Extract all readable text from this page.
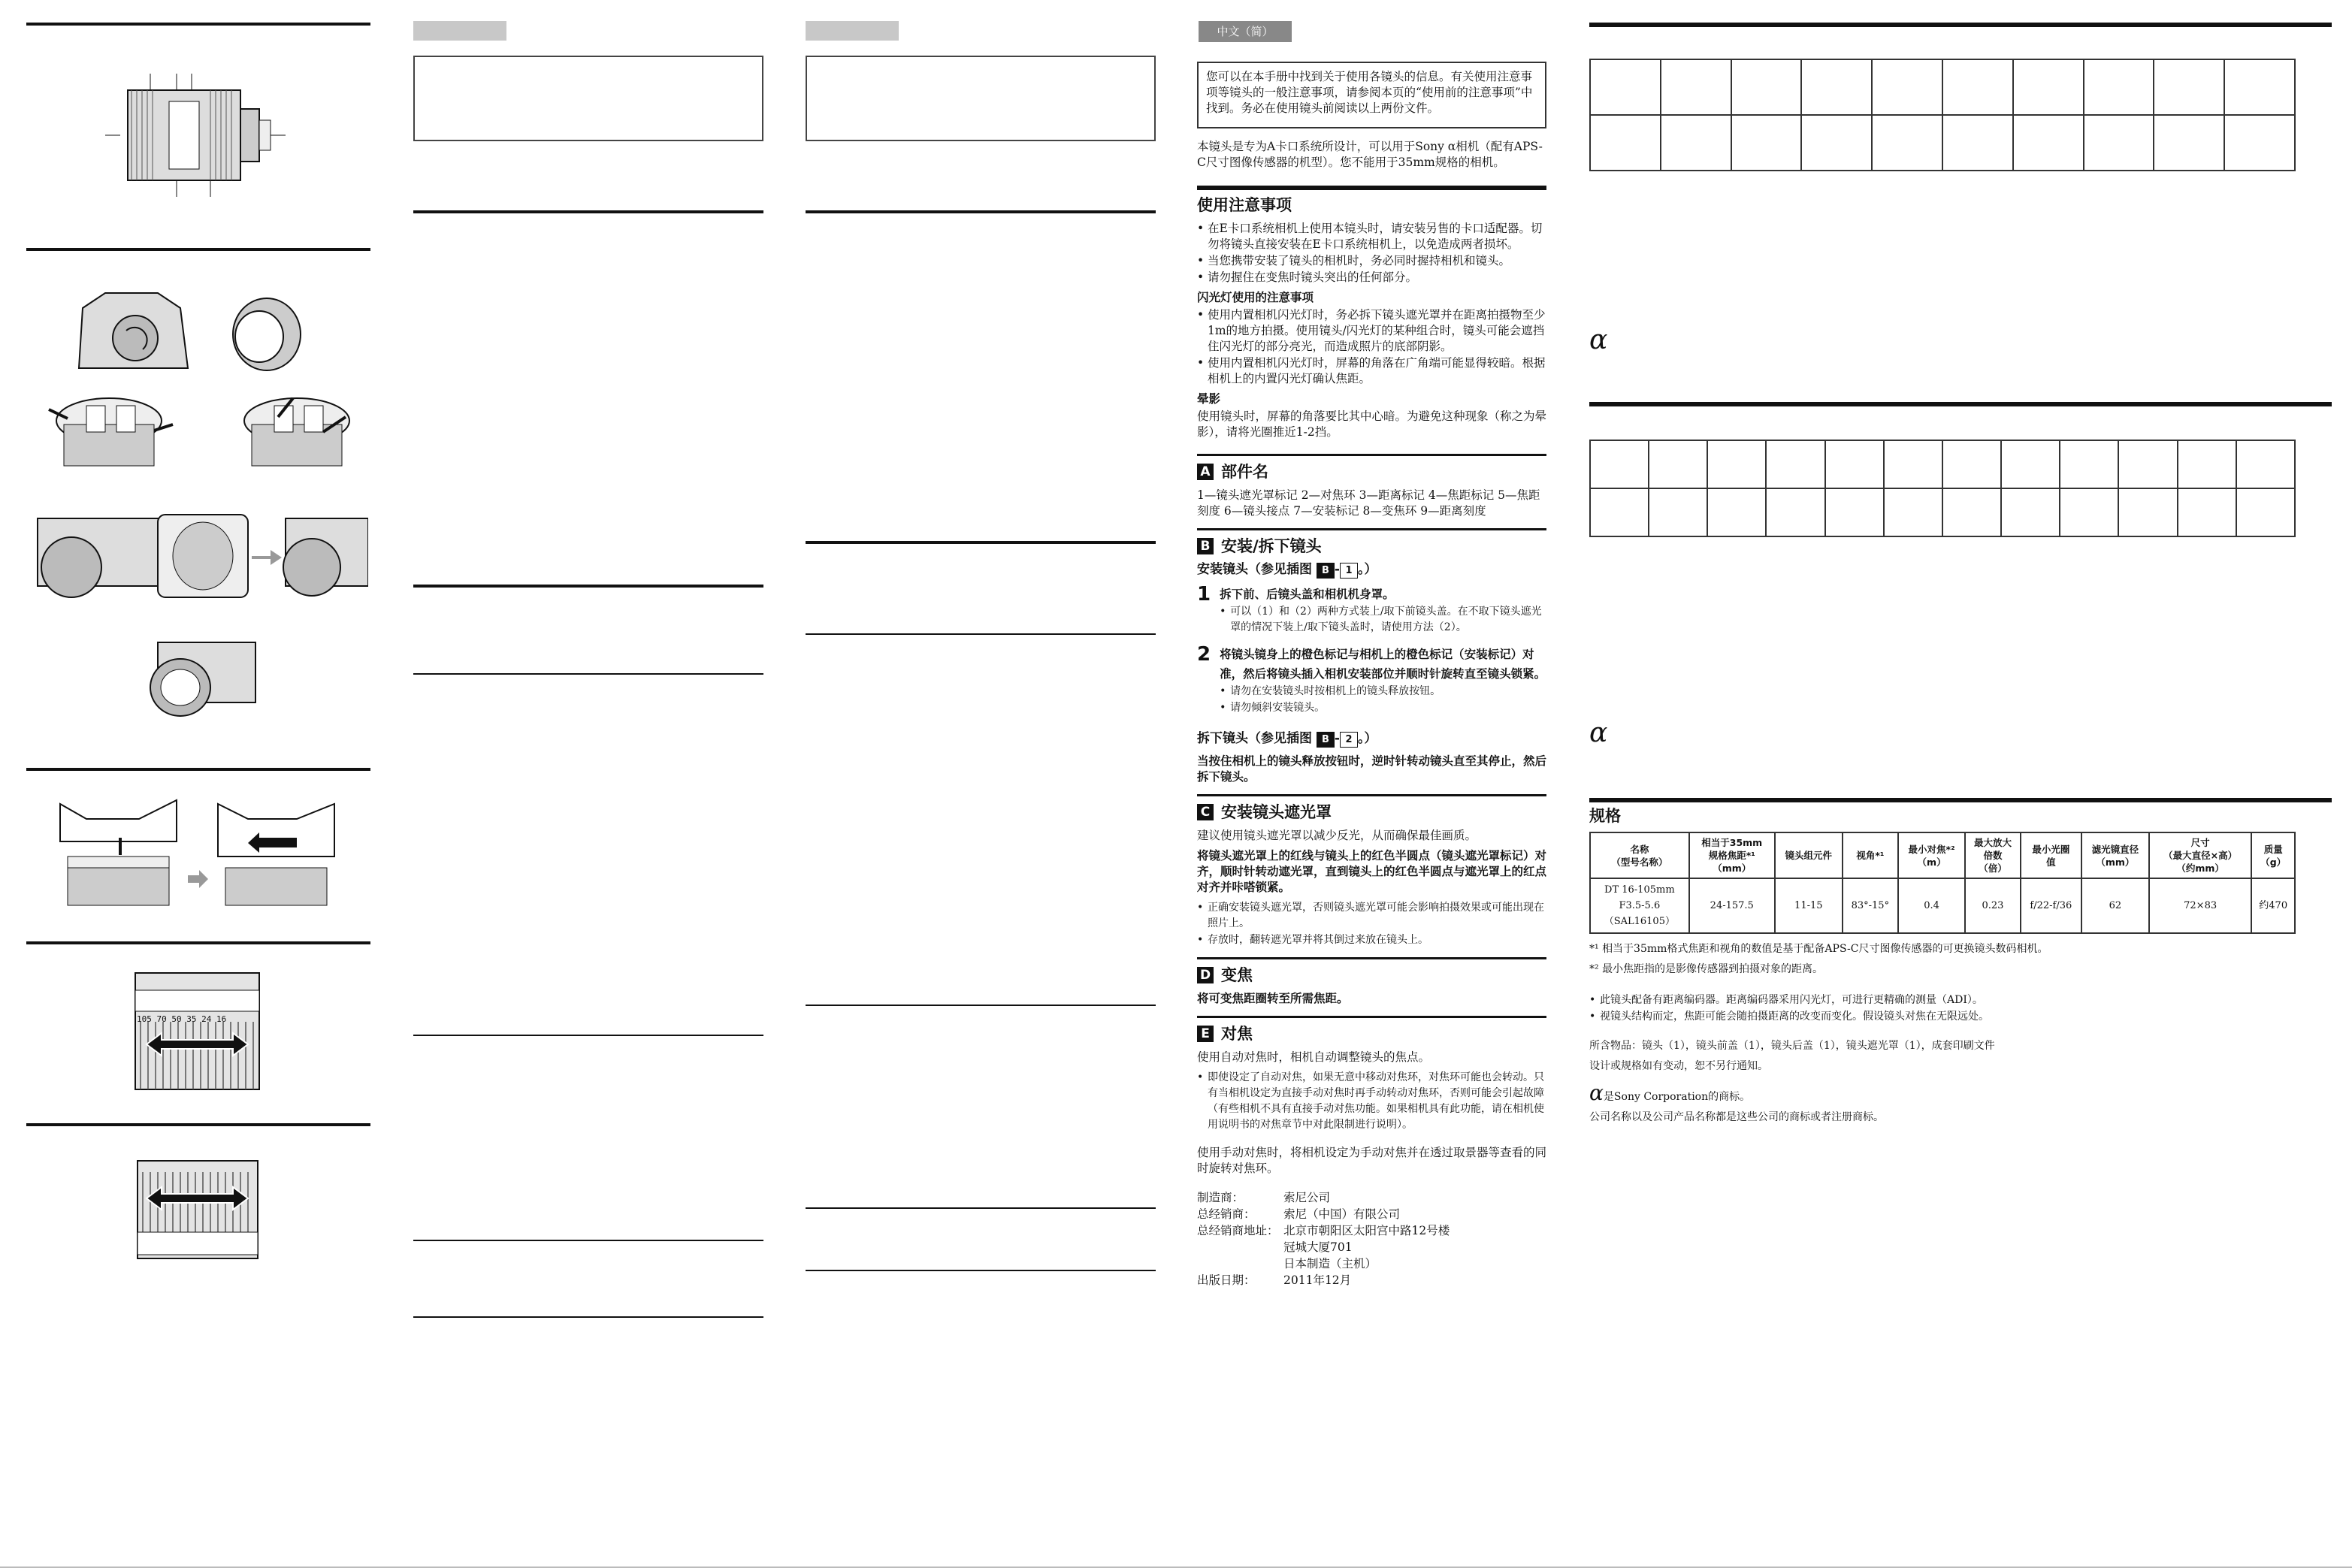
105 70 50 35 24 16
中文（简）

您可以在本手册中找到关于使用各镜头的信息。有关使用注意事项等镜头的一般注意事项，请参阅本页的“使用前的注意事项”中找到。务必在使用镜头前阅读以上两份文件。

本镜头是专为A卡口系统所设计，可以用于Sony α相机（配有APS-C尺寸图像传感器的机型）。您不能用于35mm规格的相机。

使用注意事项
• 在E卡口系统相机上使用本镜头时，请安装另售的卡口适配器。切勿将镜头直接安装在E卡口系统相机上，以免造成两者损坏。
• 当您携带安装了镜头的相机时，务必同时握持相机和镜头。
• 请勿握住在变焦时镜头突出的任何部分。
闪光灯使用的注意事项
• 使用内置相机闪光灯时，务必拆下镜头遮光罩并在距离拍摄物至少1m的地方拍摄。使用镜头/闪光灯的某种组合时，镜头可能会遮挡住闪光灯的部分亮光，而造成照片的底部阴影。
• 使用内置相机闪光灯时，屏幕的角落在广角端可能显得较暗。根据相机上的内置闪光灯确认焦距。
晕影

使用镜头时，屏幕的角落要比其中心暗。为避免这种现象（称之为晕影），请将光圈推近1-2挡。

A 部件名

1—镜头遮光罩标记 2—对焦环 3—距离标记 4—焦距标记 5—焦距刻度 6—镜头接点 7—安装标记 8—变焦环 9—距离刻度

B 安装/拆下镜头
安装镜头（参见插图 B - 1 。）
1 拆下前、后镜头盖和相机机身罩。
• 可以（1）和（2）两种方式装上/取下前镜头盖。在不取下镜头遮光罩的情况下装上/取下镜头盖时，请使用方法（2）。
2 将镜头镜身上的橙色标记与相机上的橙色标记（安装标记）对准，然后将镜头插入相机安装部位并顺时针旋转直至镜头锁紧。
• 请勿在安装镜头时按相机上的镜头释放按钮。
• 请勿倾斜安装镜头。
拆下镜头（参见插图 B - 2 。）

当按住相机上的镜头释放按钮时，逆时针转动镜头直至其停止，然后拆下镜头。

C 安装镜头遮光罩

建议使用镜头遮光罩以减少反光，从而确保最佳画质。

将镜头遮光罩上的红线与镜头上的红色半圆点（镜头遮光罩标记）对齐，顺时针转动遮光罩，直到镜头上的红色半圆点与遮光罩上的红点对齐并咔嗒锁紧。

• 正确安装镜头遮光罩，否则镜头遮光罩可能会影响拍摄效果或可能出现在照片上。
• 存放时，翻转遮光罩并将其倒过来放在镜头上。
D 变焦

将可变焦距圈转至所需焦距。

E 对焦

使用自动对焦时，相机自动调整镜头的焦点。

• 即使设定了自动对焦，如果无意中移动对焦环，对焦环可能也会转动。只有当相机设定为直接手动对焦时再手动转动对焦环，否则可能会引起故障（有些相机不具有直接手动对焦功能。如果相机具有此功能，请在相机使用说明书的对焦章节中对此限制进行说明）。

使用手动对焦时，将相机设定为手动对焦并在透过取景器等查看的同时旋转对焦环。

制造商：	索尼公司
总经销商：	索尼（中国）有限公司
总经销商地址： 北京市朝阳区太阳宫中路12号楼
冠城大厦701
日本制造（主机）
出版日期：	2011年12月

α

α
规格
名称
（型号名称）	相当于35mm
规格焦距*¹
（mm）	镜头组元件	视角*¹	最小对焦*²
（m）	最大放大
倍数
（倍）	最小光圈
值	滤光镜直径
（mm）	尺寸
（最大直径×高）
（约mm）	质量
（g）
DT 16-105mm
F3.5-5.6
（SAL16105）	24-157.5	11-15	83°-15°	0.4	0.23	f/22-f/36	62	72×83	约470

*¹ 相当于35mm格式焦距和视角的数值是基于配备APS-C尺寸图像传感器的可更换镜头数码相机。

*² 最小焦距指的是影像传感器到拍摄对象的距离。

• 此镜头配备有距离编码器。距离编码器采用闪光灯，可进行更精确的测量（ADI）。
• 视镜头结构而定，焦距可能会随拍摄距离的改变而变化。假设镜头对焦在无限远处。

所含物品：镜头（1），镜头前盖（1），镜头后盖（1），镜头遮光罩（1），成套印刷文件

设计或规格如有变动，恕不另行通知。

α是Sony Corporation的商标。

公司名称以及公司产品名称都是这些公司的商标或者注册商标。
